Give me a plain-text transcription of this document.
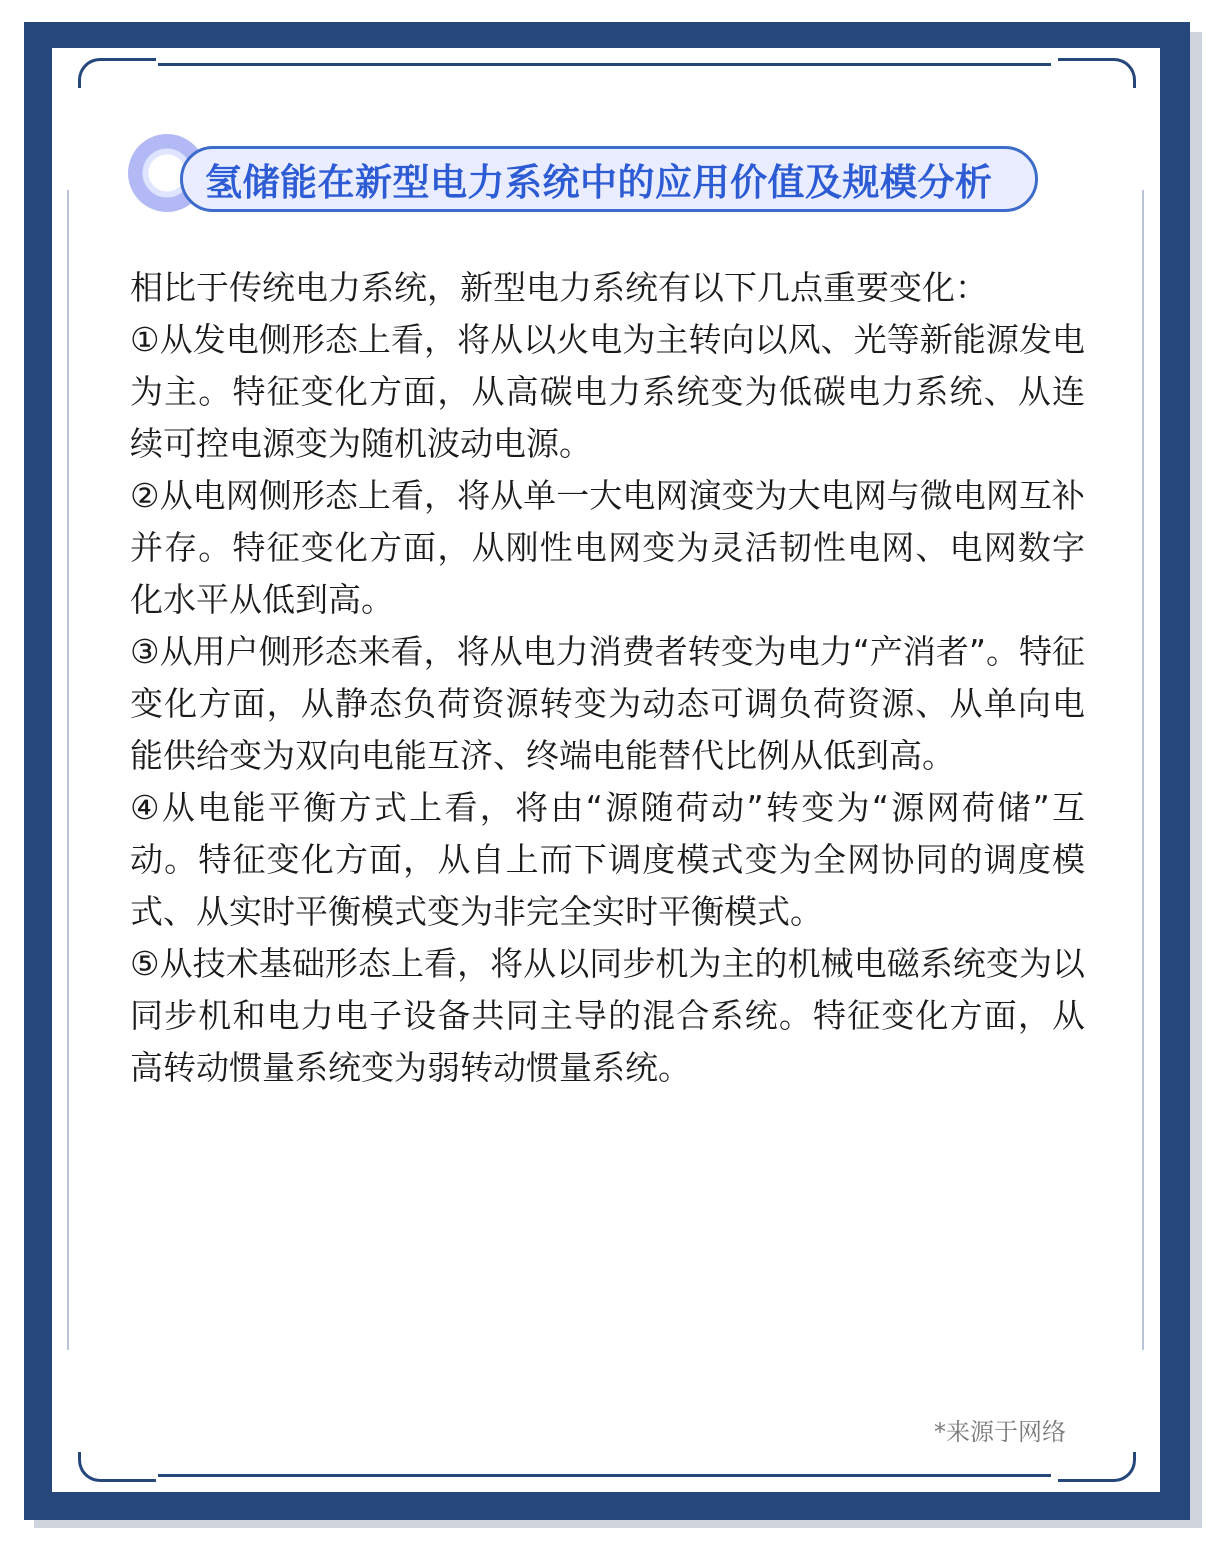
氢储能在新型电力系统中的应用价值及规模分析

相比于传统电力系统，新型电力系统有以下几点重要变化：

①从发电侧形态上看，将从以火电为主转向以风、光等新能源发电为主。特征变化方面，从高碳电力系统变为低碳电力系统、从连续可控电源变为随机波动电源。

②从电网侧形态上看，将从单一大电网演变为大电网与微电网互补并存。特征变化方面，从刚性电网变为灵活韧性电网、电网数字化水平从低到高。

③从用户侧形态来看，将从电力消费者转变为电力“产消者”。特征变化方面，从静态负荷资源转变为动态可调负荷资源、从单向电能供给变为双向电能互济、终端电能替代比例从低到高。

④从电能平衡方式上看，将由“源随荷动”转变为“源网荷储”互动。特征变化方面，从自上而下调度模式变为全网协同的调度模式、从实时平衡模式变为非完全实时平衡模式。

⑤从技术基础形态上看，将从以同步机为主的机械电磁系统变为以同步机和电力电子设备共同主导的混合系统。特征变化方面，从高转动惯量系统变为弱转动惯量系统。

*来源于网络
